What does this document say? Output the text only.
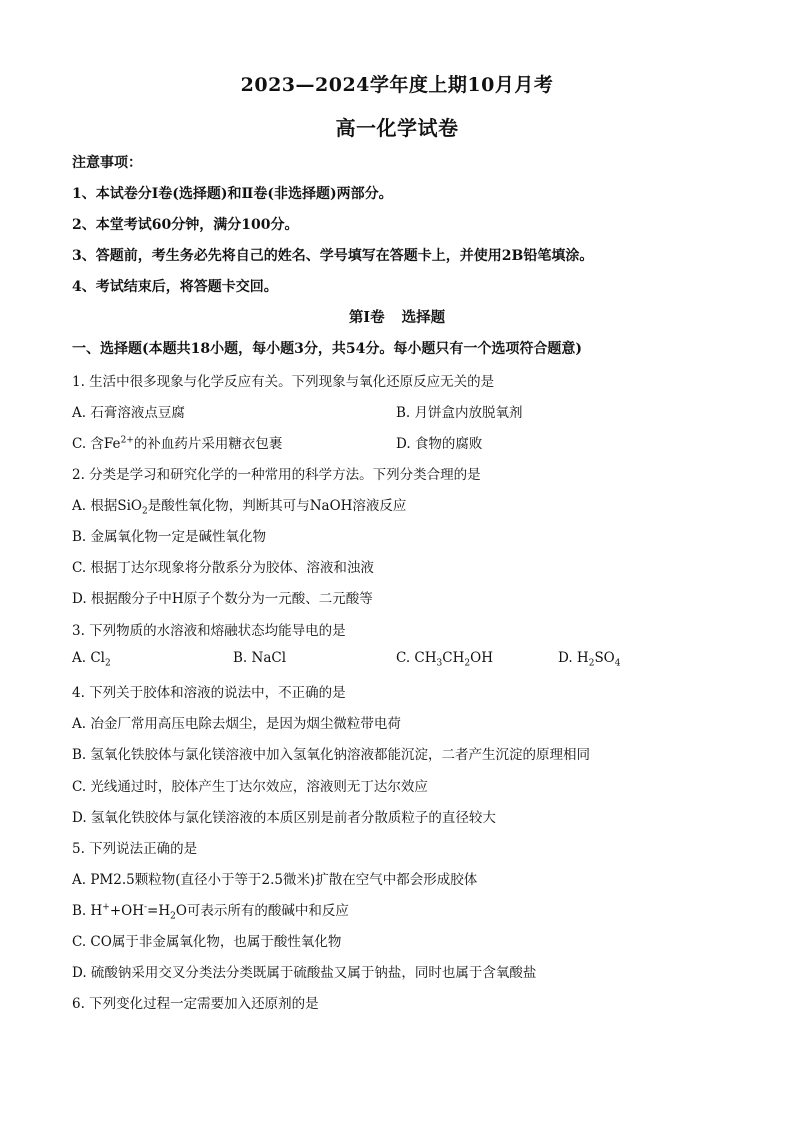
2023—2024学年度上期10月月考
高一化学试卷
注意事项：
1、本试卷分Ⅰ卷(选择题)和Ⅱ卷(非选择题)两部分。
2、本堂考试60分钟，满分100分。
3、答题前，考生务必先将自己的姓名、学号填写在答题卡上，并使用2B铅笔填涂。
4、考试结束后，将答题卡交回。
第Ⅰ卷 选择题
一、选择题(本题共18小题，每小题3分，共54分。每小题只有一个选项符合题意)
1. 生活中很多现象与化学反应有关。下列现象与氧化还原反应无关的是
A. 石膏溶液点豆腐	B. 月饼盒内放脱氧剂
C. 含$Fe^{2+}$的补血药片采用糖衣包裹	D. 食物的腐败
2. 分类是学习和研究化学的一种常用的科学方法。下列分类合理的是
A. 根据SiO$_2$是酸性氧化物，判断其可与NaOH溶液反应
B. 金属氧化物一定是碱性氧化物
C. 根据丁达尔现象将分散系分为胶体、溶液和浊液
D. 根据酸分子中H原子个数分为一元酸、二元酸等
3. 下列物质的水溶液和熔融状态均能导电的是
A. $Cl_2$	B. NaCl	C. $CH_3CH_2OH$	D. $H_2SO_4$
4. 下列关于胶体和溶液的说法中，不正确的是
A. 冶金厂常用高压电除去烟尘，是因为烟尘微粒带电荷
B. 氢氧化铁胶体与氯化镁溶液中加入氢氧化钠溶液都能沉淀，二者产生沉淀的原理相同
C. 光线通过时，胶体产生丁达尔效应，溶液则无丁达尔效应
D. 氢氧化铁胶体与氯化镁溶液的本质区别是前者分散质粒子的直径较大
5. 下列说法正确的是
A. PM2.5颗粒物(直径小于等于2.5微米)扩散在空气中都会形成胶体
B. $H^++OH^-=H_2O$可表示所有的酸碱中和反应
C. CO属于非金属氧化物，也属于酸性氧化物
D. 硫酸钠采用交叉分类法分类既属于硫酸盐又属于钠盐，同时也属于含氧酸盐
6. 下列变化过程一定需要加入还原剂的是
